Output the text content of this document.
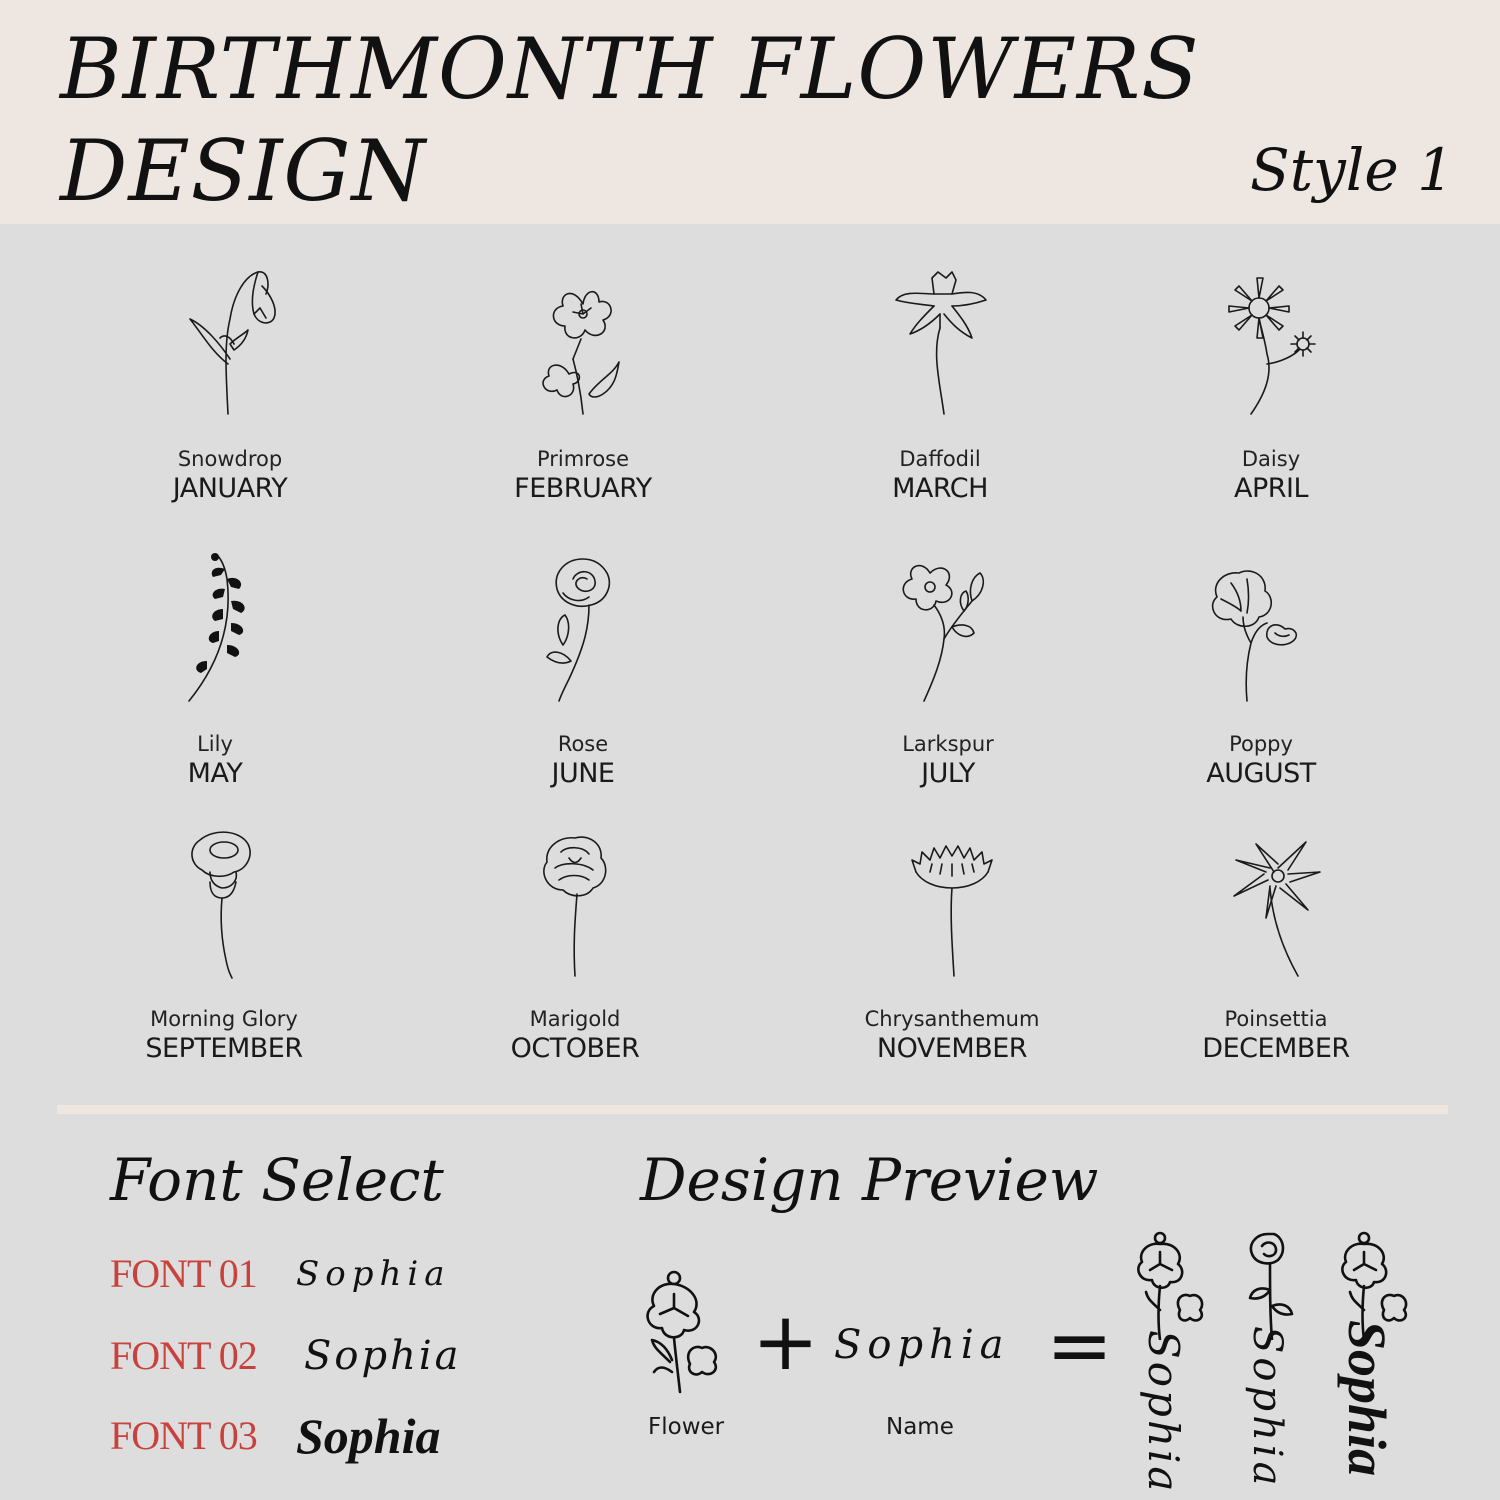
BIRTHMONTH FLOWERS
DESIGN	Style 1
Snowdrop
JANUARY
Primrose
FEBRUARY
Daffodil
MARCH
Daisy
APRIL
Lily
MAY
Rose
JUNE
Larkspur
JULY
Poppy
AUGUST
Morning Glory
SEPTEMBER
Marigold
OCTOBER
Chrysanthemum
NOVEMBER
Poinsettia
DECEMBER
Font Select
FONT 01 Sophia
FONT 02 Sophia
FONT 03 Sophia
Design Preview
+ Sophia =
Flower	Name	Sophia Sophia Sophia
